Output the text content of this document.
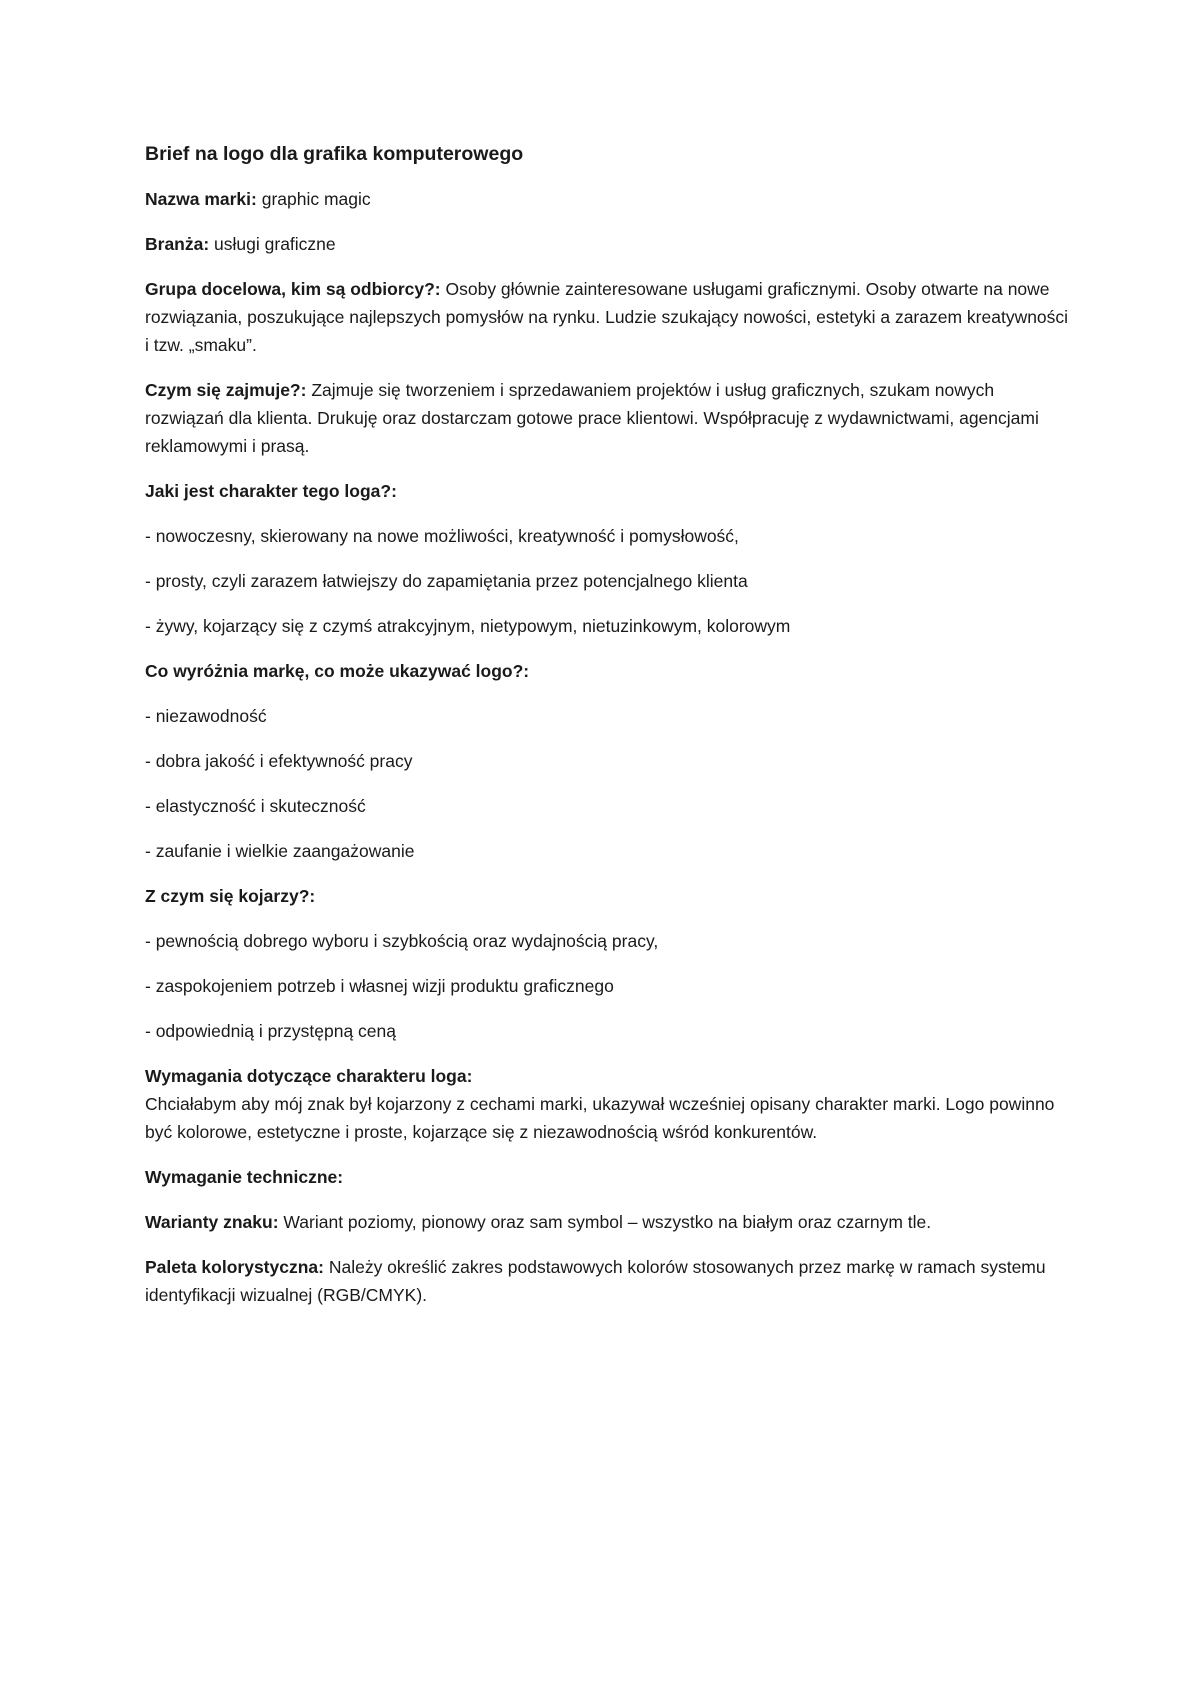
Brief na logo dla grafika komputerowego
Nazwa marki: graphic magic
Branża: usługi graficzne
Grupa docelowa, kim są odbiorcy?: Osoby głównie zainteresowane usługami graficznymi. Osoby otwarte na nowe rozwiązania, poszukujące najlepszych pomysłów na rynku. Ludzie szukający nowości, estetyki a zarazem kreatywności i tzw. „smaku”.
Czym się zajmuje?: Zajmuje się tworzeniem i sprzedawaniem projektów i usług graficznych, szukam nowych rozwiązań dla klienta. Drukuję oraz dostarczam gotowe prace klientowi. Współpracuję z wydawnictwami, agencjami reklamowymi i prasą.
Jaki jest charakter tego loga?:
- nowoczesny, skierowany na nowe możliwości, kreatywność i pomysłowość,
- prosty, czyli zarazem łatwiejszy do zapamiętania przez potencjalnego klienta
- żywy, kojarzący się z czymś atrakcyjnym, nietypowym, nietuzinkowym, kolorowym
Co wyróżnia markę, co może ukazywać logo?:
- niezawodność
- dobra jakość i efektywność pracy
- elastyczność i skuteczność
- zaufanie i wielkie zaangażowanie
Z czym się kojarzy?:
- pewnością dobrego wyboru i szybkością oraz wydajnością pracy,
- zaspokojeniem potrzeb i własnej wizji produktu graficznego
- odpowiednią i przystępną ceną
Wymagania dotyczące charakteru loga:
Chciałabym aby mój znak był kojarzony z cechami marki, ukazywał wcześniej opisany charakter marki. Logo powinno być kolorowe, estetyczne i proste, kojarzące się z niezawodnością wśród konkurentów.
Wymaganie techniczne:
Warianty znaku: Wariant poziomy, pionowy oraz sam symbol – wszystko na białym oraz czarnym tle.
Paleta kolorystyczna: Należy określić zakres podstawowych kolorów stosowanych przez markę w ramach systemu identyfikacji wizualnej (RGB/CMYK).
